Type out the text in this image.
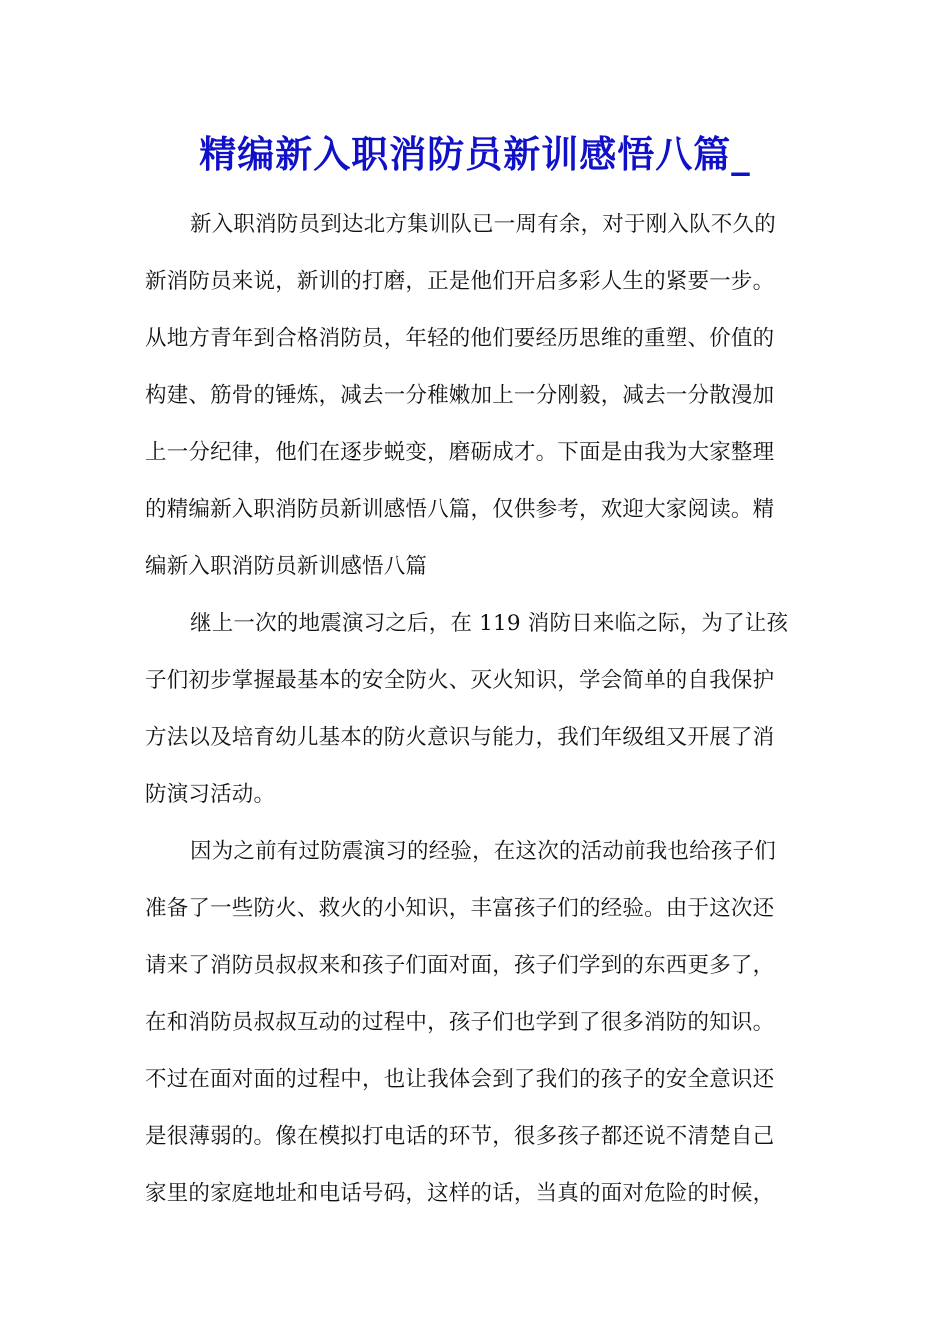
精编新入职消防员新训感悟八篇_
新入职消防员到达北方集训队已一周有余，对于刚入队不久的
新消防员来说，新训的打磨，正是他们开启多彩人生的紧要一步。
从地方青年到合格消防员，年轻的他们要经历思维的重塑、价值的
构建、筋骨的锤炼，减去一分稚嫩加上一分刚毅，减去一分散漫加
上一分纪律，他们在逐步蜕变，磨砺成才。下面是由我为大家整理
的精编新入职消防员新训感悟八篇，仅供参考，欢迎大家阅读。精
编新入职消防员新训感悟八篇
继上一次的地震演习之后，在 119 消防日来临之际，为了让孩
子们初步掌握最基本的安全防火、灭火知识，学会简单的自我保护
方法以及培育幼儿基本的防火意识与能力，我们年级组又开展了消
防演习活动。
因为之前有过防震演习的经验，在这次的活动前我也给孩子们
准备了一些防火、救火的小知识，丰富孩子们的经验。由于这次还
请来了消防员叔叔来和孩子们面对面，孩子们学到的东西更多了，
在和消防员叔叔互动的过程中，孩子们也学到了很多消防的知识。
不过在面对面的过程中，也让我体会到了我们的孩子的安全意识还
是很薄弱的。像在模拟打电话的环节，很多孩子都还说不清楚自己
家里的家庭地址和电话号码，这样的话，当真的面对危险的时候，
